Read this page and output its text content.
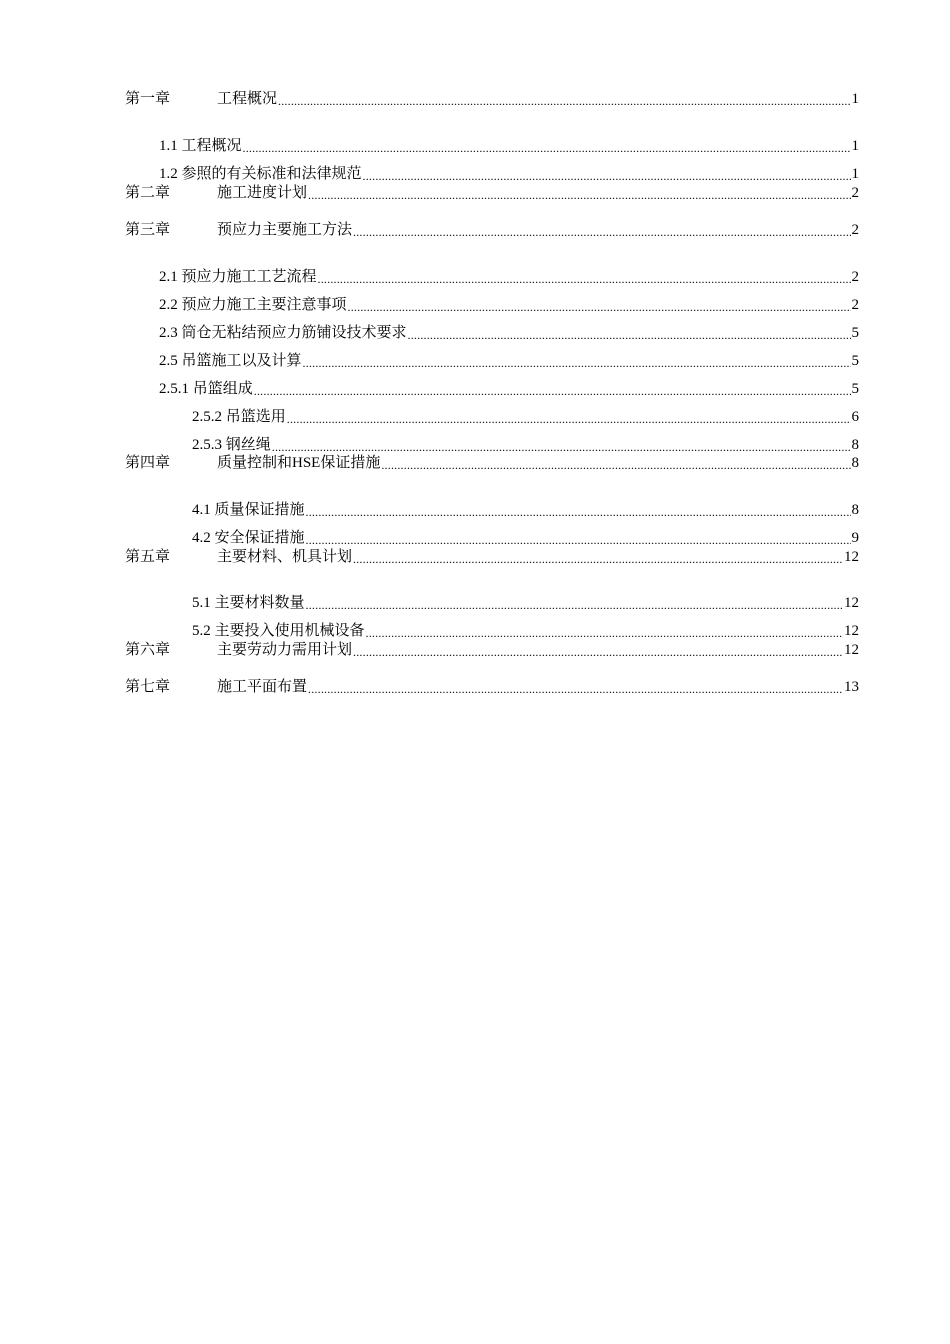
第一章	工程概况 .....	1
1.1 工程概况 .....	1
1.2 参照的有关标准和法律规范 .....	1
第二章	施工进度计划 .....	2
第三章	预应力主要施工方法 .....	2
2.1 预应力施工工艺流程 .....	2
2.2 预应力施工主要注意事项 .....	2
2.3 筒仓无粘结预应力筋铺设技术要求 .....	5
2.5 吊篮施工以及计算 .....	5
2.5.1 吊篮组成 .....	5
2.5.2 吊篮选用 .....	6
2.5.3 钢丝绳 .....	8
第四章	质量控制和HSE保证措施 .....	8
4.1 质量保证措施 .....	8
4.2 安全保证措施 .....	9
第五章	主要材料、机具计划 .....	12
5.1 主要材料数量 .....	12
5.2 主要投入使用机械设备 .....	12
第六章	主要劳动力需用计划 .....	12
第七章	施工平面布置 .....	13
